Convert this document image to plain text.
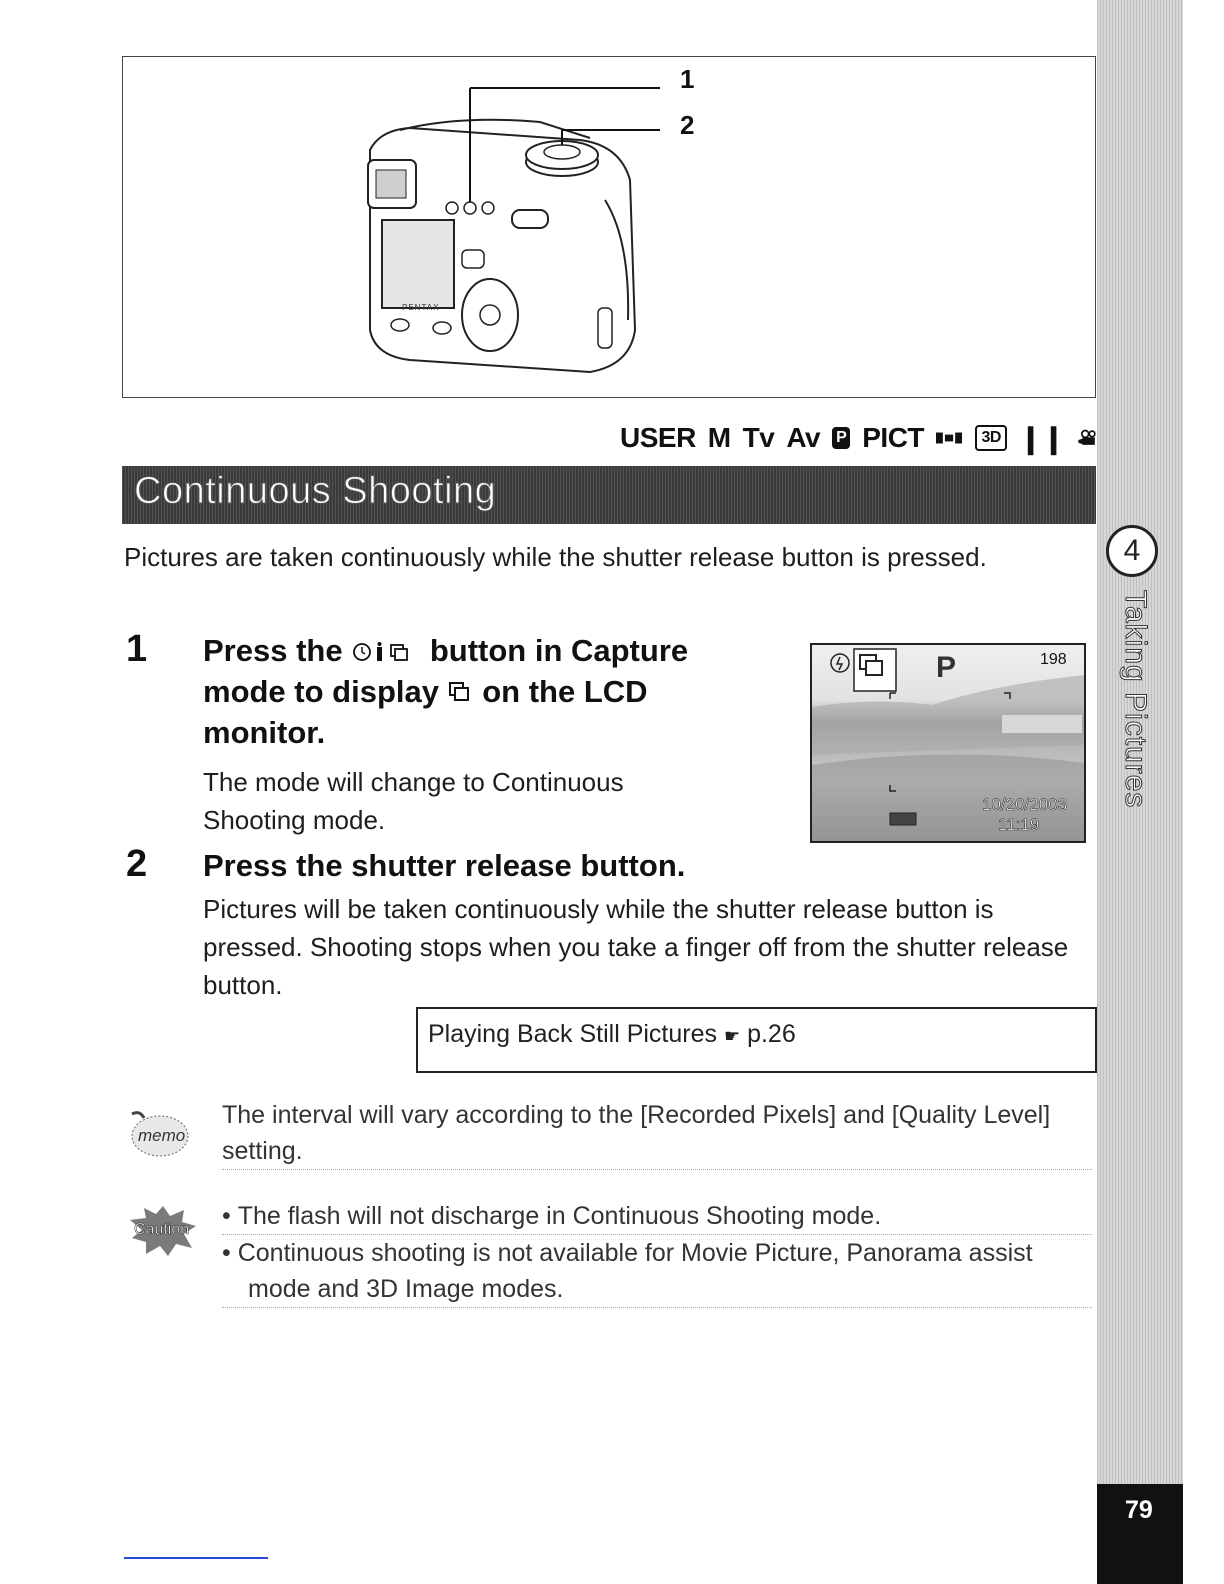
4
Taking Pictures
79
1
2
PENTAX
USER M Tv Av P PICT	3D ❙❙
Continuous Shooting
Pictures are taken continuously while the shutter release button is pressed.
1 Press the	button in Capture mode to display on the LCD monitor.
The mode will change to Continuous Shooting mode.
P	198
10/20/2003
11:19
2 Press the shutter release button.
Pictures will be taken continuously while the shutter release button is pressed. Shooting stops when you take a finger off from the shutter release button.
Playing Back Still Pictures ☛ p.26
memo
The interval will vary according to the [Recorded Pixels] and [Quality Level] setting.
Caution • The flash will not discharge in Continuous Shooting mode.
• Continuous shooting is not available for Movie Picture, Panorama assist mode and 3D Image modes.
